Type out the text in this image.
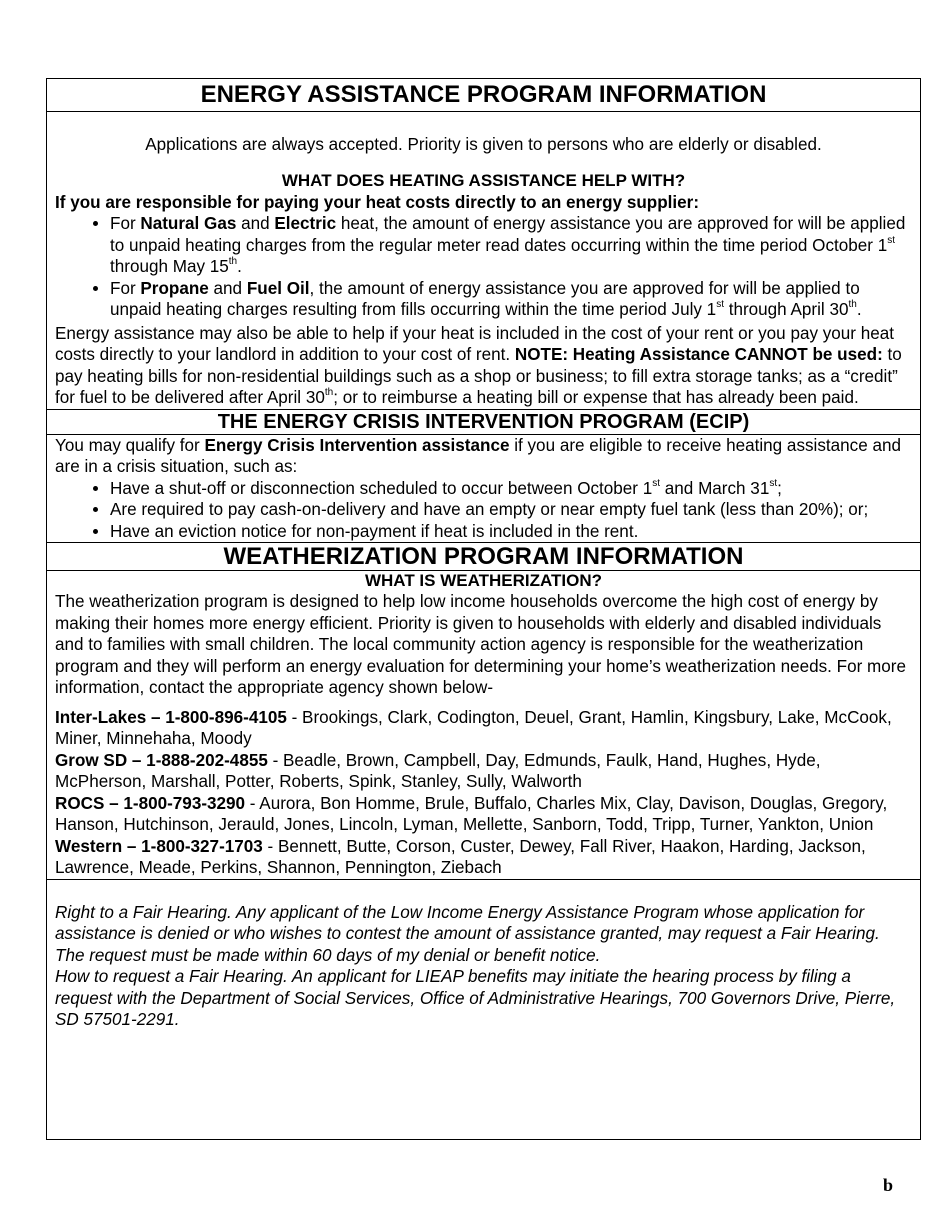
ENERGY ASSISTANCE PROGRAM INFORMATION
Applications are always accepted. Priority is given to persons who are elderly or disabled.
WHAT DOES HEATING ASSISTANCE HELP WITH?
If you are responsible for paying your heat costs directly to an energy supplier:
• For Natural Gas and Electric heat, the amount of energy assistance you are approved for will be applied to unpaid heating charges from the regular meter read dates occurring within the time period October 1st through May 15th.
• For Propane and Fuel Oil, the amount of energy assistance you are approved for will be applied to unpaid heating charges resulting from fills occurring within the time period July 1st through April 30th.
Energy assistance may also be able to help if your heat is included in the cost of your rent or you pay your heat costs directly to your landlord in addition to your cost of rent. NOTE: Heating Assistance CANNOT be used: to pay heating bills for non-residential buildings such as a shop or business; to fill extra storage tanks; as a “credit” for fuel to be delivered after April 30th; or to reimburse a heating bill or expense that has already been paid.
THE ENERGY CRISIS INTERVENTION PROGRAM (ECIP)
You may qualify for Energy Crisis Intervention assistance if you are eligible to receive heating assistance and are in a crisis situation, such as:
• Have a shut-off or disconnection scheduled to occur between October 1st and March 31st;
• Are required to pay cash-on-delivery and have an empty or near empty fuel tank (less than 20%); or;
• Have an eviction notice for non-payment if heat is included in the rent.
WEATHERIZATION PROGRAM INFORMATION
WHAT IS WEATHERIZATION?
The weatherization program is designed to help low income households overcome the high cost of energy by making their homes more energy efficient. Priority is given to households with elderly and disabled individuals and to families with small children. The local community action agency is responsible for the weatherization program and they will perform an energy evaluation for determining your home’s weatherization needs. For more information, contact the appropriate agency shown below-
Inter-Lakes – 1-800-896-4105 - Brookings, Clark, Codington, Deuel, Grant, Hamlin, Kingsbury, Lake, McCook, Miner, Minnehaha, Moody
Grow SD – 1-888-202-4855 - Beadle, Brown, Campbell, Day, Edmunds, Faulk, Hand, Hughes, Hyde, McPherson, Marshall, Potter, Roberts, Spink, Stanley, Sully, Walworth
ROCS – 1-800-793-3290 - Aurora, Bon Homme, Brule, Buffalo, Charles Mix, Clay, Davison, Douglas, Gregory, Hanson, Hutchinson, Jerauld, Jones, Lincoln, Lyman, Mellette, Sanborn, Todd, Tripp, Turner, Yankton, Union
Western – 1-800-327-1703 - Bennett, Butte, Corson, Custer, Dewey, Fall River, Haakon, Harding, Jackson, Lawrence, Meade, Perkins, Shannon, Pennington, Ziebach
Right to a Fair Hearing. Any applicant of the Low Income Energy Assistance Program whose application for assistance is denied or who wishes to contest the amount of assistance granted, may request a Fair Hearing. The request must be made within 60 days of my denial or benefit notice.
How to request a Fair Hearing. An applicant for LIEAP benefits may initiate the hearing process by filing a request with the Department of Social Services, Office of Administrative Hearings, 700 Governors Drive, Pierre, SD 57501-2291.
b
